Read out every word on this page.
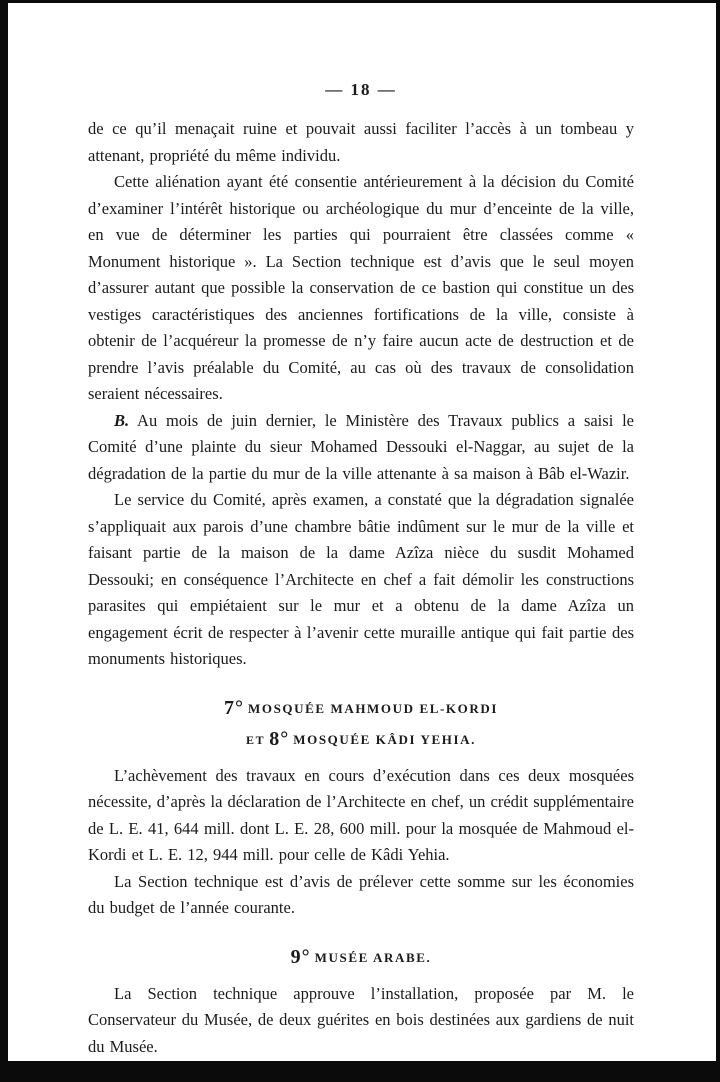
— 18 —

de ce qu’il menaçait ruine et pouvait aussi faciliter l’accès à un tombeau y attenant, propriété du même individu.

Cette aliénation ayant été consentie antérieurement à la décision du Comité d’examiner l’intérêt historique ou archéologique du mur d’enceinte de la ville, en vue de déterminer les parties qui pourraient être classées comme « Monument historique ». La Section technique est d’avis que le seul moyen d’assurer autant que possible la conservation de ce bastion qui constitue un des vestiges caractéristiques des anciennes fortifications de la ville, consiste à obtenir de l’acquéreur la promesse de n’y faire aucun acte de destruction et de prendre l’avis préalable du Comité, au cas où des travaux de consolidation seraient nécessaires.

B. Au mois de juin dernier, le Ministère des Travaux publics a saisi le Comité d’une plainte du sieur Mohamed Dessouki el-Naggar, au sujet de la dégradation de la partie du mur de la ville attenante à sa maison à Bâb el-Wazir.

Le service du Comité, après examen, a constaté que la dégradation signalée s’appliquait aux parois d’une chambre bâtie indûment sur le mur de la ville et faisant partie de la maison de la dame Azîza nièce du susdit Mohamed Dessouki; en conséquence l’Architecte en chef a fait démolir les constructions parasites qui empiétaient sur le mur et a obtenu de la dame Azîza un engagement écrit de respecter à l’avenir cette muraille antique qui fait partie des monuments historiques.

7° MOSQUÉE MAHMOUD EL-KORDI
ET 8° MOSQUÉE KÂDI YEHIA.

L’achèvement des travaux en cours d’exécution dans ces deux mosquées nécessite, d’après la déclaration de l’Architecte en chef, un crédit supplémentaire de L. E. 41, 644 mill. dont L. E. 28, 600 mill. pour la mosquée de Mahmoud el-Kordi et L. E. 12, 944 mill. pour celle de Kâdi Yehia.

La Section technique est d’avis de prélever cette somme sur les économies du budget de l’année courante.

9° MUSÉE ARABE.

La Section technique approuve l’installation, proposée par M. le Conservateur du Musée, de deux guérites en bois destinées aux gardiens de nuit du Musée.
